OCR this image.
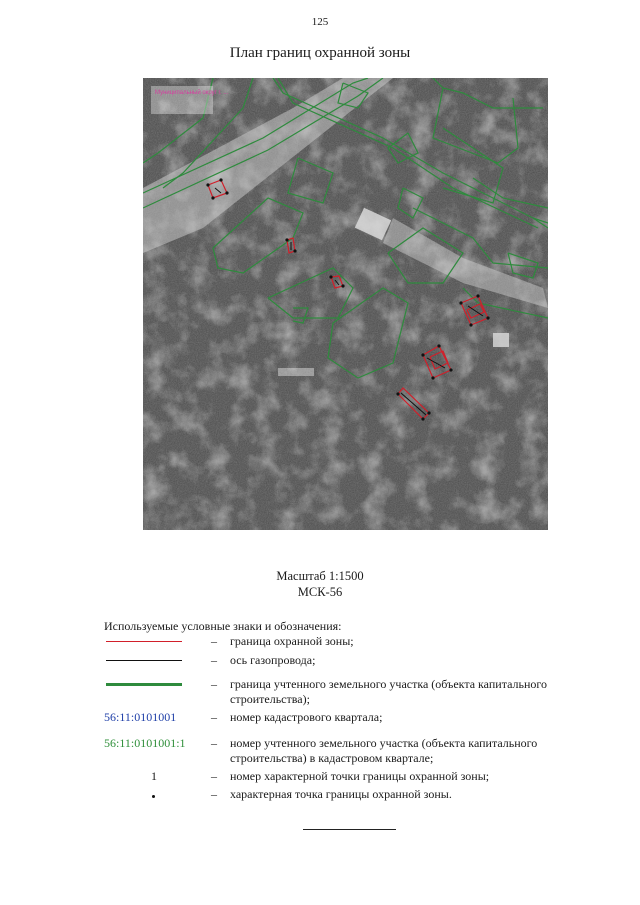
125
План границ охранной зоны
Муниципальный округ г. ...
Масштаб 1:1500
МСК-56
Используемые условные знаки и обозначения:
– граница охранной зоны;
– ось газопровода;
– граница учтенного земельного участка (объекта капитального строительства);
56:11:0101001	– номер кадастрового квартала;
56:11:0101001:1	– номер учтенного земельного участка (объекта капитального строительства) в кадастровом квартале;
1	– номер характерной точки границы охранной зоны;
– характерная точка границы охранной зоны.
